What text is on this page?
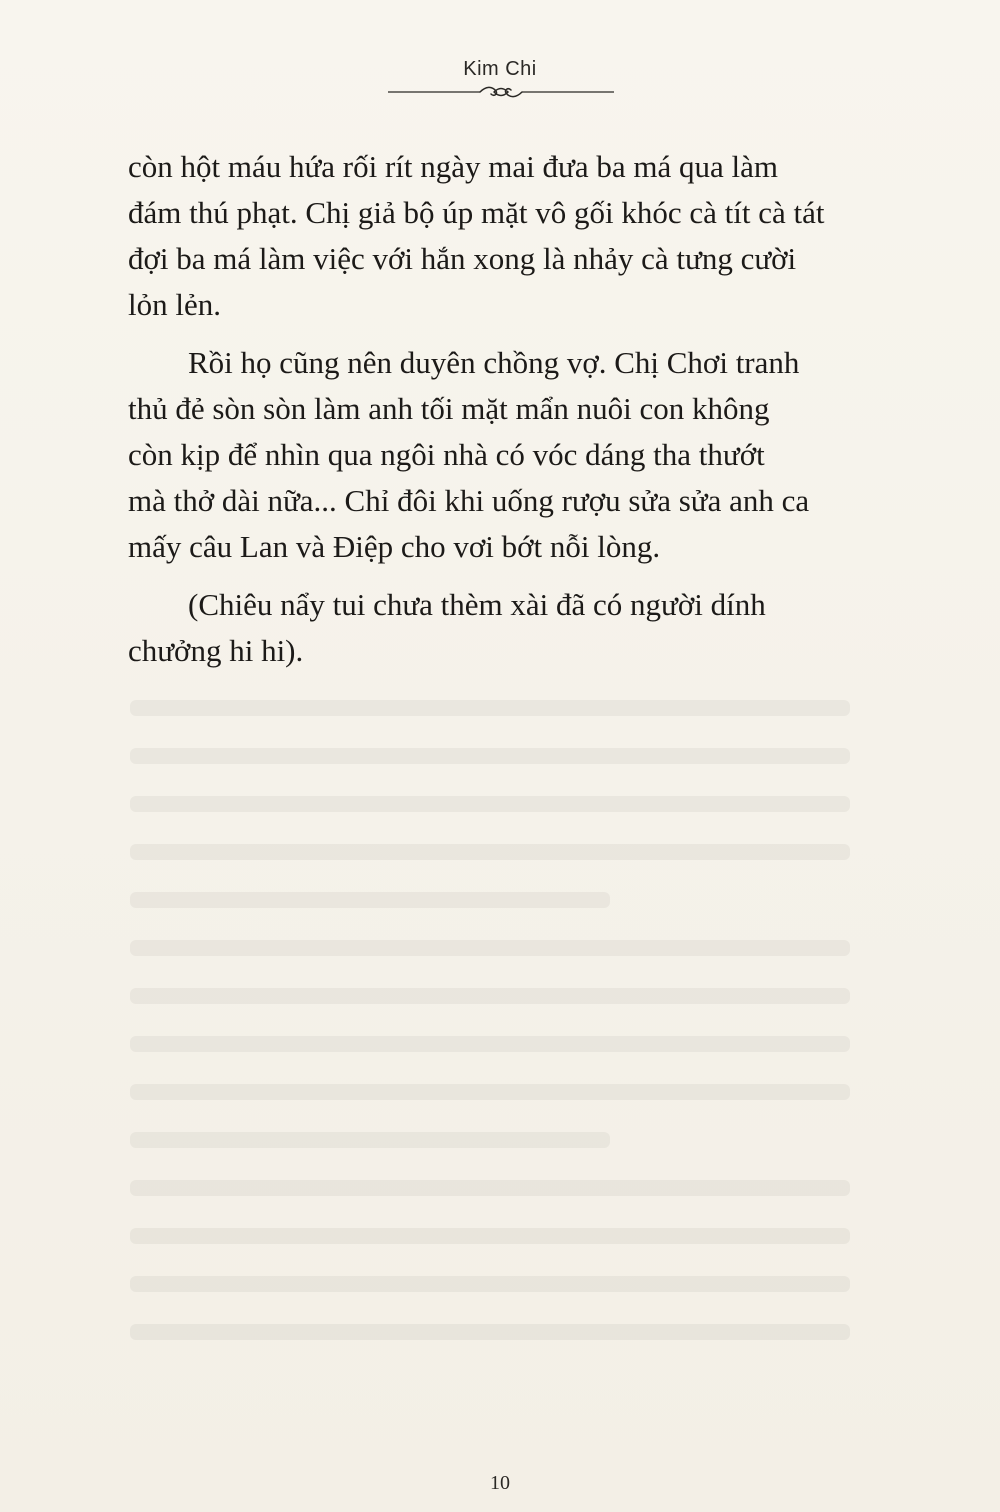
Kim Chi

còn hột máu hứa rối rít ngày mai đưa ba má qua làm
đám thú phạt. Chị giả bộ úp mặt vô gối khóc cà tít cà tát
đợi ba má làm việc với hắn xong là nhảy cà tưng cười
lỏn lẻn.

Rồi họ cũng nên duyên chồng vợ. Chị Chơi tranh
thủ đẻ sòn sòn làm anh tối mặt mẩn nuôi con không
còn kịp để nhìn qua ngôi nhà có vóc dáng tha thướt
mà thở dài nữa... Chỉ đôi khi uống rượu sửa sửa anh ca
mấy câu Lan và Điệp cho vơi bớt nỗi lòng.

(Chiêu nẩy tui chưa thèm xài đã có người dính
chưởng hi hi).

10
